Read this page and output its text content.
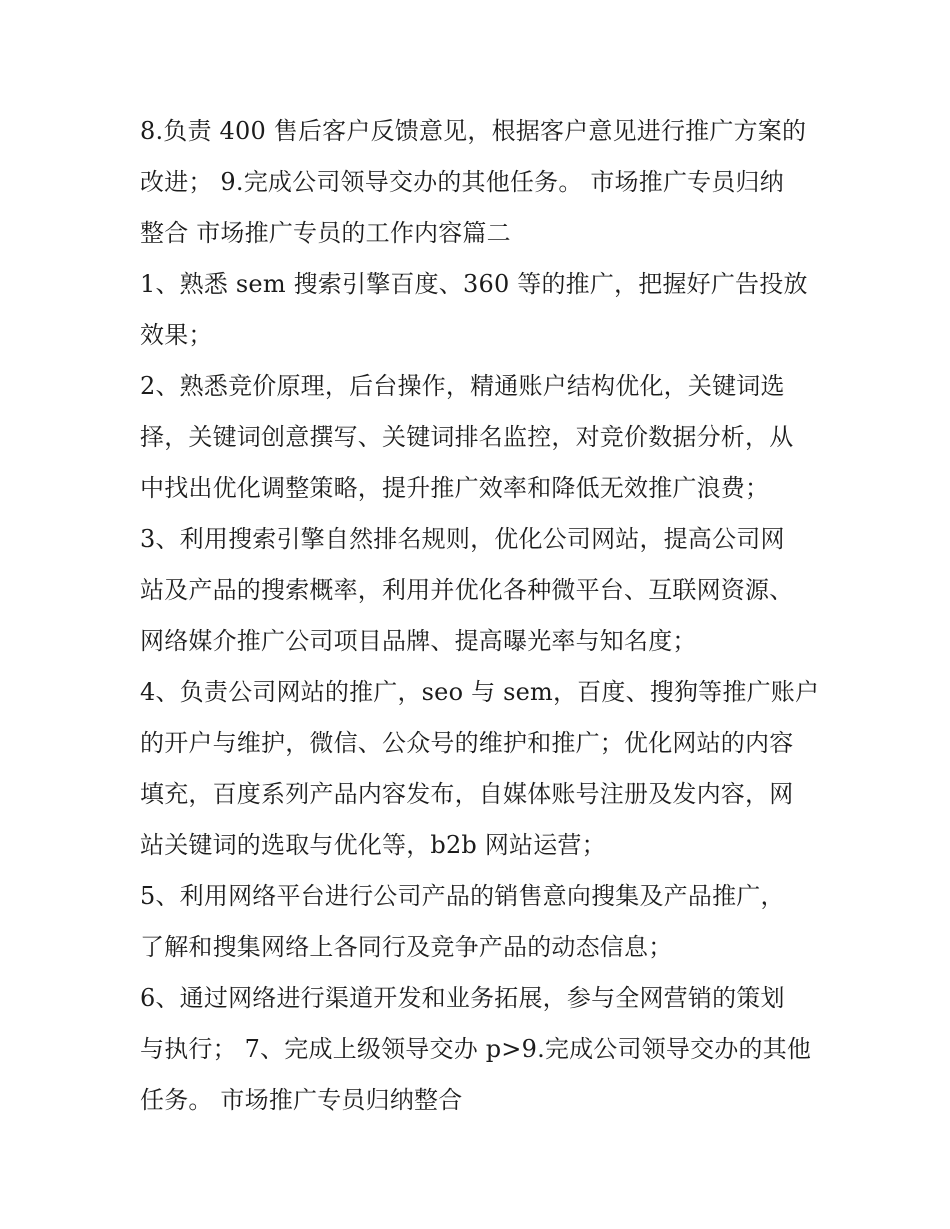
8.负责 400 售后客户反馈意见，根据客户意见进行推广方案的
改进； 9.完成公司领导交办的其他任务。 市场推广专员归纳
整合 市场推广专员的工作内容篇二
1、熟悉 sem 搜索引擎百度、360 等的推广，把握好广告投放
效果；
2、熟悉竞价原理，后台操作，精通账户结构优化，关键词选
择，关键词创意撰写、关键词排名监控，对竞价数据分析，从
中找出优化调整策略，提升推广效率和降低无效推广浪费；
3、利用搜索引擎自然排名规则，优化公司网站，提高公司网
站及产品的搜索概率，利用并优化各种微平台、互联网资源、
网络媒介推广公司项目品牌、提高曝光率与知名度；
4、负责公司网站的推广，seo 与 sem，百度、搜狗等推广账户
的开户与维护，微信、公众号的维护和推广；优化网站的内容
填充，百度系列产品内容发布，自媒体账号注册及发内容，网
站关键词的选取与优化等，b2b 网站运营；
5、利用网络平台进行公司产品的销售意向搜集及产品推广，
了解和搜集网络上各同行及竞争产品的动态信息；
6、通过网络进行渠道开发和业务拓展，参与全网营销的策划
与执行； 7、完成上级领导交办 p>9.完成公司领导交办的其他
任务。 市场推广专员归纳整合
